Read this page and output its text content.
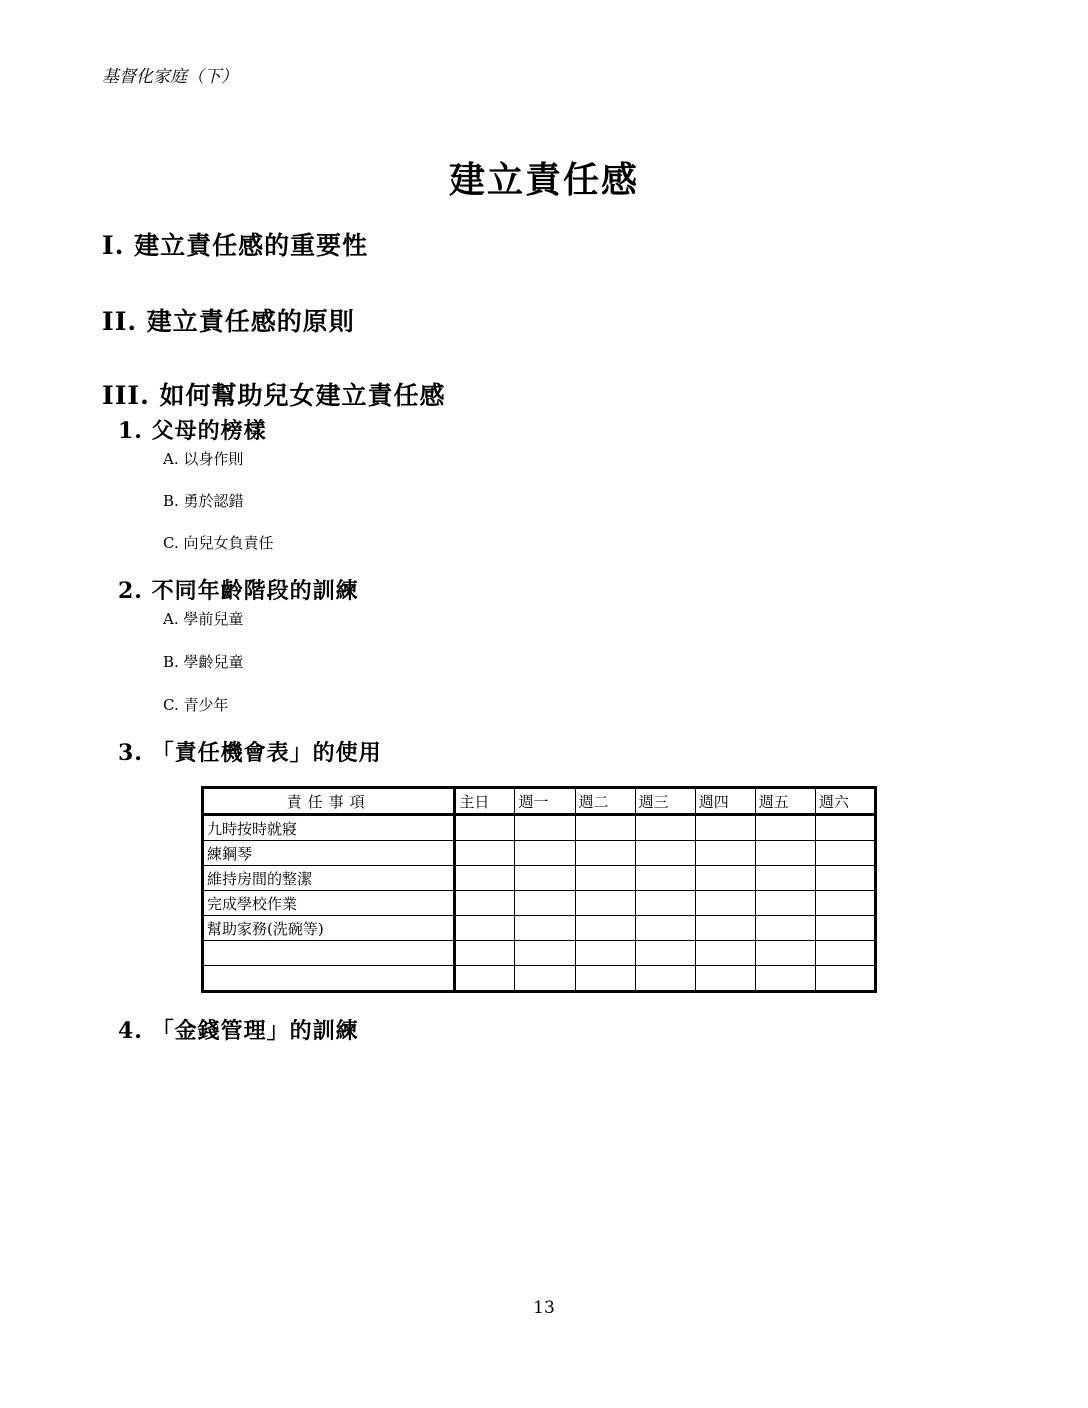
基督化家庭（下）
建立責任感
I. 建立責任感的重要性
II. 建立責任感的原則
III. 如何幫助兒女建立責任感
1. 父母的榜樣
A. 以身作則
B. 勇於認錯
C. 向兒女負責任
2. 不同年齡階段的訓練
A. 學前兒童
B. 學齡兒童
C. 青少年
3. 「責任機會表」的使用
責任事項	主日	週一	週二	週三	週四	週五	週六
九時按時就寢							
練鋼琴							
維持房間的整潔							
完成學校作業							
幫助家務(洗碗等)							

4. 「金錢管理」的訓練
13
